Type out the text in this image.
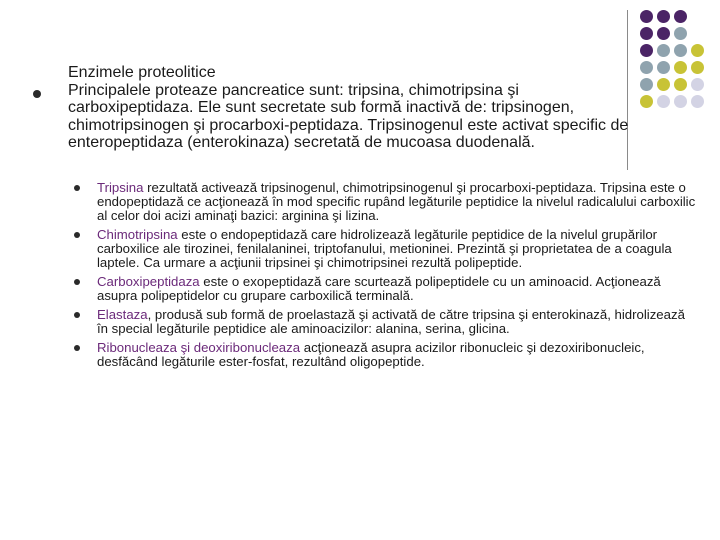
Enzimele proteolitice

Principalele proteaze pancreatice sunt: tripsina, chimotripsina şi carboxipeptidaza. Ele sunt secretate sub formă inactivă de: tripsinogen, chimotripsinogen şi procarboxi-peptidaza. Tripsinogenul este activat specific de enteropeptidaza (enterokinaza) secretată de mucoasa duodenală.

Tripsina rezultată activează tripsinogenul, chimotripsinogenul şi procarboxi-peptidaza. Tripsina este o endopeptidază ce acţionează în mod specific rupând legăturile peptidice la nivelul radicalului carboxilic al celor doi acizi aminaţi bazici: arginina şi lizina.

Chimotripsina este o endopeptidază care hidrolizează legăturile peptidice de la nivelul grupărilor carboxilice ale tirozinei, fenilalaninei, triptofanului, metioninei. Prezintă şi proprietatea de a coagula laptele. Ca urmare a acţiunii tripsinei şi chimotripsinei rezultă polipeptide.

Carboxipeptidaza este o exopeptidază care scurtează polipeptidele cu un aminoacid. Acţionează asupra polipeptidelor cu grupare carboxilică terminală.

Elastaza, produsă sub formă de proelastază şi activată de către tripsina şi enterokinază, hidrolizează în special legăturile peptidice ale aminoacizilor: alanina, serina, glicina.

Ribonucleaza şi deoxiribonucleaza acţionează asupra acizilor ribonucleic şi dezoxiribonucleic, desfăcând legăturile ester-fosfat, rezultând oligopeptide.
